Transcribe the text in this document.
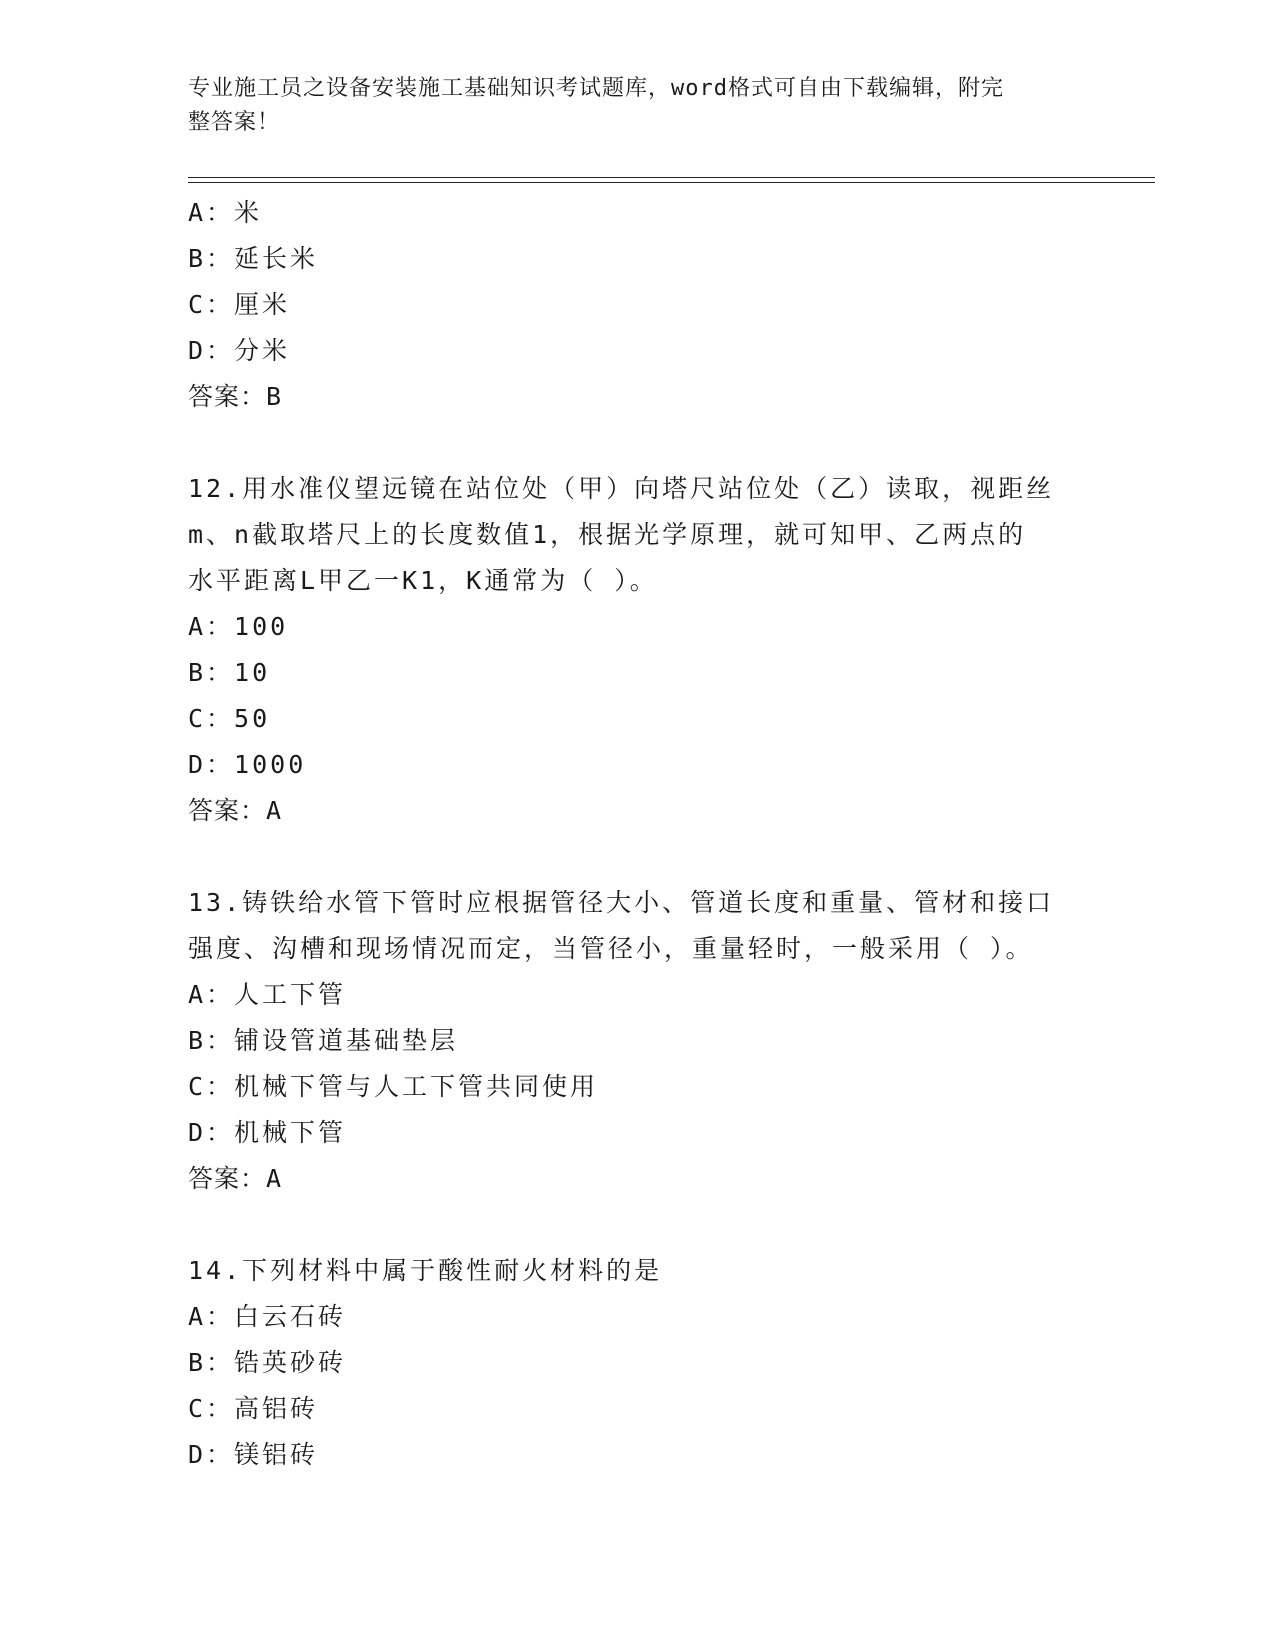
专业施工员之设备安装施工基础知识考试题库，word格式可自由下载编辑，附完
整答案！
A：米
B：延长米
C：厘米
D：分米
答案：B
12.用水准仪望远镜在站位处（甲）向塔尺站位处（乙）读取，视距丝
m、n截取塔尺上的长度数值1，根据光学原理，就可知甲、乙两点的
水平距离L甲乙一K1，K通常为（ ）。
A：100
B：10
C：50
D：1000
答案：A
13.铸铁给水管下管时应根据管径大小、管道长度和重量、管材和接口
强度、沟槽和现场情况而定，当管径小，重量轻时，一般采用（ ）。
A：人工下管
B：铺设管道基础垫层
C：机械下管与人工下管共同使用
D：机械下管
答案：A
14.下列材料中属于酸性耐火材料的是
A：白云石砖
B：锆英砂砖
C：高铝砖
D：镁铝砖
